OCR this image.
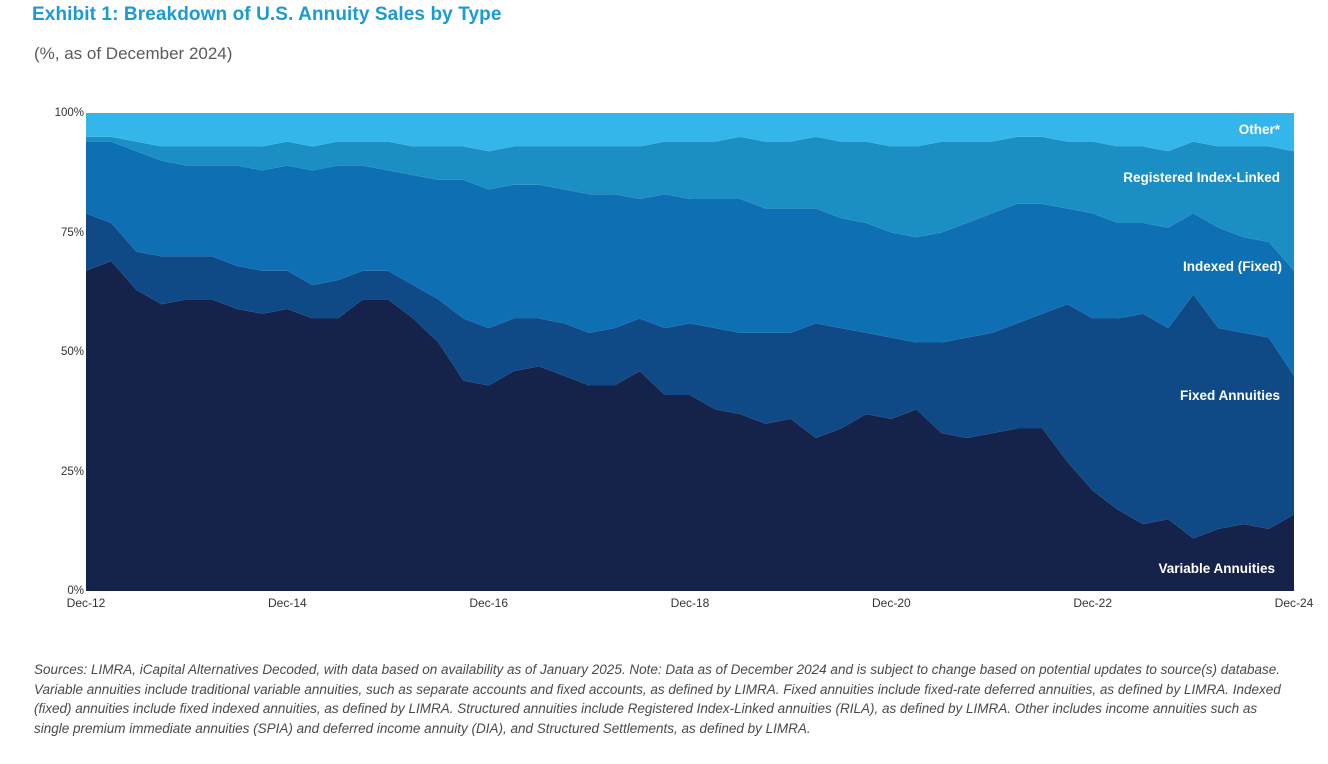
Exhibit 1: Breakdown of U.S. Annuity Sales by Type
(%, as of December 2024)
0%
25%
50%
75%
100%
Dec-12	Dec-14	Dec-16	Dec-18	Dec-20	Dec-22	Dec-24
Other*
Registered Index-Linked
Indexed (Fixed)
Fixed Annuities
Variable Annuities
Sources: LIMRA, iCapital Alternatives Decoded, with data based on availability as of January 2025. Note: Data as of December 2024 and is subject to change based on potential updates to source(s) database. Variable annuities include traditional variable annuities, such as separate accounts and fixed accounts, as defined by LIMRA. Fixed annuities include fixed-rate deferred annuities, as defined by LIMRA. Indexed (fixed) annuities include fixed indexed annuities, as defined by LIMRA. Structured annuities include Registered Index-Linked annuities (RILA), as defined by LIMRA. Other includes income annuities such as single premium immediate annuities (SPIA) and deferred income annuity (DIA), and Structured Settlements, as defined by LIMRA.
